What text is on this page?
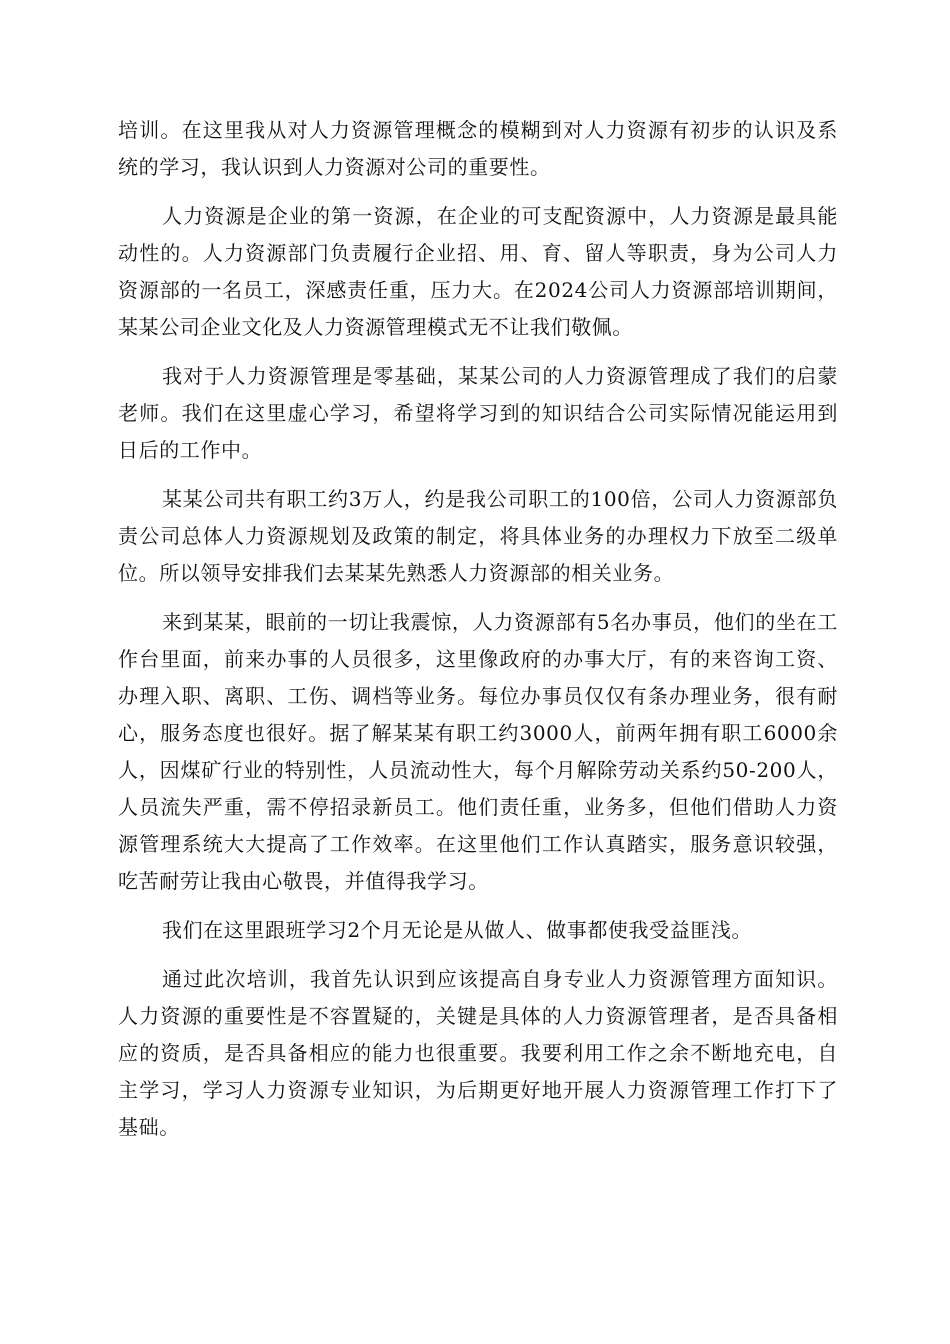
培训。在这里我从对人力资源管理概念的模糊到对人力资源有初步的认识及系统的学习，我认识到人力资源对公司的重要性。

人力资源是企业的第一资源，在企业的可支配资源中，人力资源是最具能动性的。人力资源部门负责履行企业招、用、育、留人等职责，身为公司人力资源部的一名员工，深感责任重，压力大。在2024公司人力资源部培训期间，某某公司企业文化及人力资源管理模式无不让我们敬佩。

我对于人力资源管理是零基础，某某公司的人力资源管理成了我们的启蒙老师。我们在这里虚心学习，希望将学习到的知识结合公司实际情况能运用到日后的工作中。

某某公司共有职工约3万人，约是我公司职工的100倍，公司人力资源部负责公司总体人力资源规划及政策的制定，将具体业务的办理权力下放至二级单位。所以领导安排我们去某某先熟悉人力资源部的相关业务。

来到某某，眼前的一切让我震惊，人力资源部有5名办事员，他们的坐在工作台里面，前来办事的人员很多，这里像政府的办事大厅，有的来咨询工资、办理入职、离职、工伤、调档等业务。每位办事员仅仅有条办理业务，很有耐心，服务态度也很好。据了解某某有职工约3000人，前两年拥有职工6000余人，因煤矿行业的特别性，人员流动性大，每个月解除劳动关系约50-200人，人员流失严重，需不停招录新员工。他们责任重，业务多，但他们借助人力资源管理系统大大提高了工作效率。在这里他们工作认真踏实，服务意识较强，吃苦耐劳让我由心敬畏，并值得我学习。

我们在这里跟班学习2个月无论是从做人、做事都使我受益匪浅。

通过此次培训，我首先认识到应该提高自身专业人力资源管理方面知识。人力资源的重要性是不容置疑的，关键是具体的人力资源管理者，是否具备相应的资质，是否具备相应的能力也很重要。我要利用工作之余不断地充电，自主学习，学习人力资源专业知识，为后期更好地开展人力资源管理工作打下了基础。
